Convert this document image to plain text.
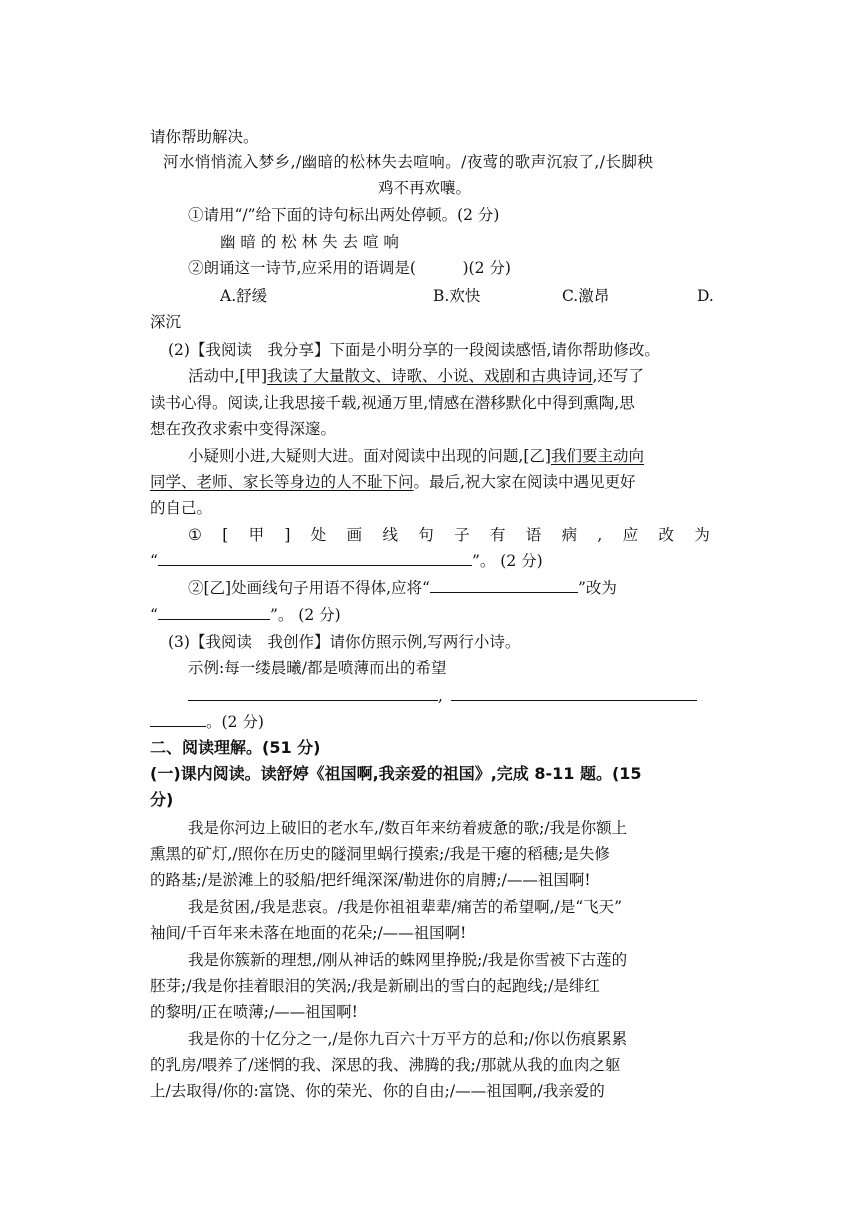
请你帮助解决。
河水悄悄流入梦乡,/幽暗的松林失去喧响。/夜莺的歌声沉寂了,/长脚秧
鸡不再欢嚷。
①请用“/”给下面的诗句标出两处停顿。(2 分)
幽 暗 的 松 林 失 去 喧 响
②朗诵这一诗节,应采用的语调是(　　　)(2 分)
A.舒缓	B.欢快	C.激昂	D.
深沉
(2)【我阅读　我分享】下面是小明分享的一段阅读感悟,请你帮助修改。
活动中,[甲]我读了大量散文、诗歌、小说、戏剧和古典诗词,还写了
读书心得。阅读,让我思接千载,视通万里,情感在潜移默化中得到熏陶,思
想在孜孜求索中变得深邃。
小疑则小进,大疑则大进。面对阅读中出现的问题,[乙]我们要主动向
同学、老师、家长等身边的人不耻下问。最后,祝大家在阅读中遇见更好
的自己。
① [ 甲 ] 处 画 线 句 子 有 语 病 , 应 改 为
“	”。 (2 分)
②[乙]处画线句子用语不得体,应将“	”改为
“	”。 (2 分)
(3)【我阅读　我创作】请你仿照示例,写两行小诗。
示例:每一缕晨曦/都是喷薄而出的希望
,
。(2 分)
二、阅读理解。(51 分)
(一)课内阅读。读舒婷《祖国啊,我亲爱的祖国》,完成 8-11 题。(15
分)
我是你河边上破旧的老水车,/数百年来纺着疲惫的歌;/我是你额上
熏黑的矿灯,/照你在历史的隧洞里蜗行摸索;/我是干瘪的稻穗;是失修
的路基;/是淤滩上的驳船/把纤绳深深/勒进你的肩膊;/——祖国啊!
我是贫困,/我是悲哀。/我是你祖祖辈辈/痛苦的希望啊,/是“飞天”
袖间/千百年来未落在地面的花朵;/——祖国啊!
我是你簇新的理想,/刚从神话的蛛网里挣脱;/我是你雪被下古莲的
胚芽;/我是你挂着眼泪的笑涡;/我是新刷出的雪白的起跑线;/是绯红
的黎明/正在喷薄;/——祖国啊!
我是你的十亿分之一,/是你九百六十万平方的总和;/你以伤痕累累
的乳房/喂养了/迷惘的我、深思的我、沸腾的我;/那就从我的血肉之躯
上/去取得/你的:富饶、你的荣光、你的自由;/——祖国啊,/我亲爱的
